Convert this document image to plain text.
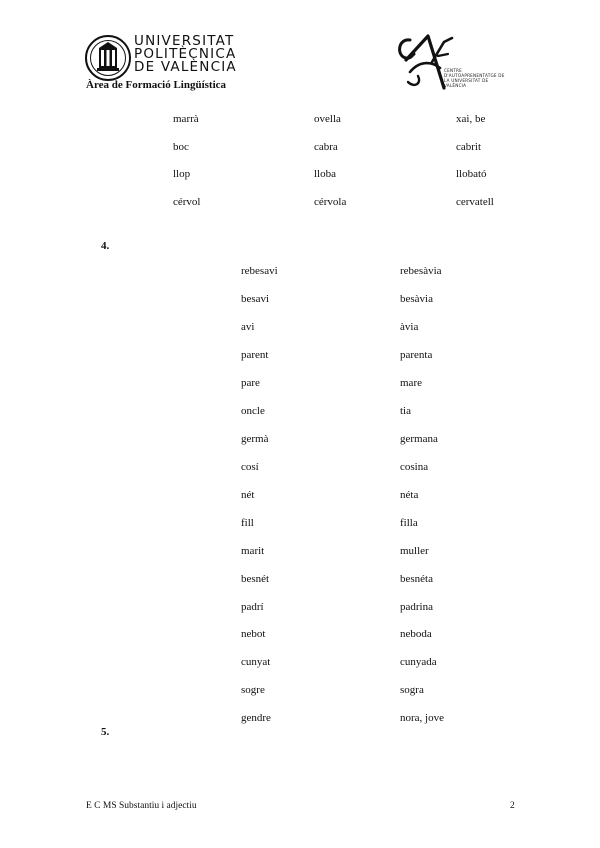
UNIVERSITAT
POLITÈCNICA
DE VALÈNCIA
Àrea de Formació Lingüística
CENTRE
D'AUTOAPRENENTATGE DE
LA UNIVERSITAT DE
VALÈNCIA
marrà	ovella	xai, be
boc	cabra	cabrit
llop	lloba	llobató
cérvol	cérvola	cervatell
4.
rebesavi	rebesàvia
besavi	besàvia
avi	àvia
parent	parenta
pare	mare
oncle	tia
germà	germana
cosí	cosina
nét	néta
fill	filla
marit	muller
besnét	besnéta
padrí	padrina
nebot	neboda
cunyat	cunyada
sogre	sogra
gendre	nora, jove
5.
E C MS Substantiu i adjectiu	2
